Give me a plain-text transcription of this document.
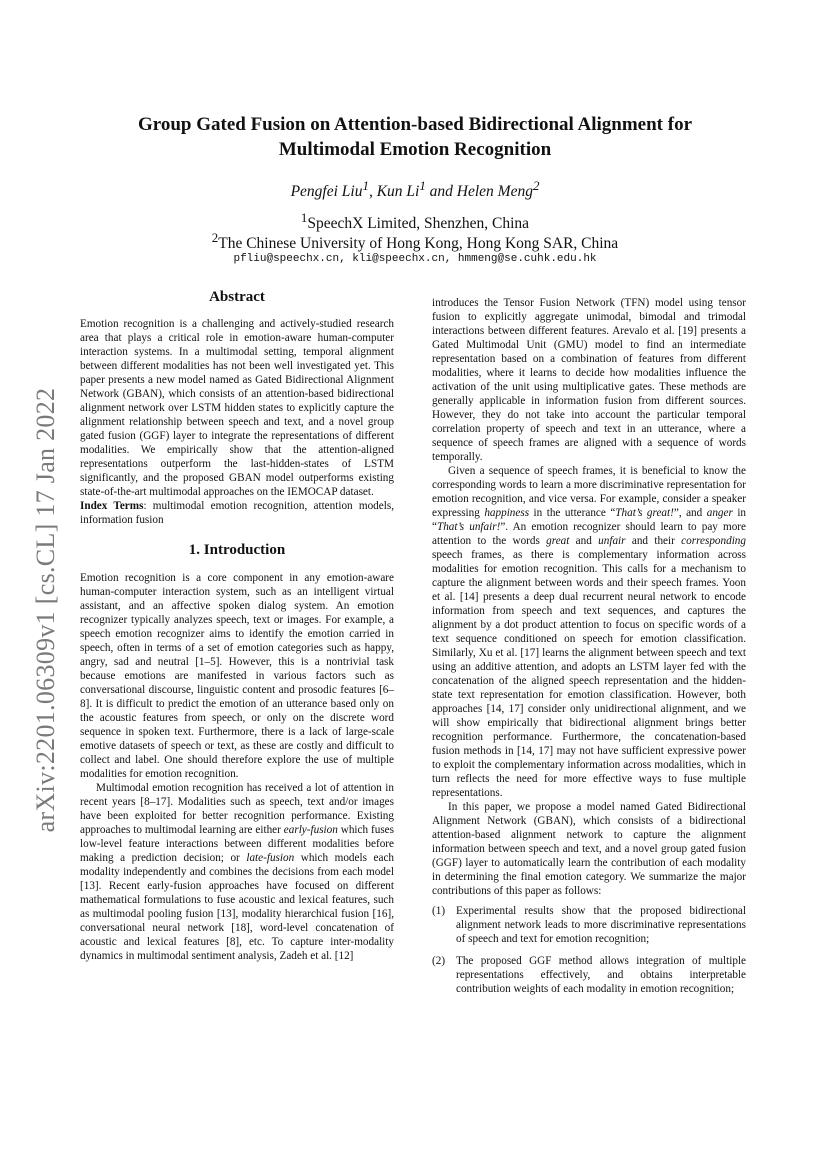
arXiv:2201.06309v1 [cs.CL] 17 Jan 2022
Group Gated Fusion on Attention-based Bidirectional Alignment for
Multimodal Emotion Recognition
Pengfei Liu$^1$, Kun Li$^1$ and Helen Meng$^2$
$^1$SpeechX Limited, Shenzhen, China
$^2$The Chinese University of Hong Kong, Hong Kong SAR, China
pfliu@speechx.cn, kli@speechx.cn, hmmeng@se.cuhk.edu.hk
Abstract

Emotion recognition is a challenging and actively-studied research area that plays a critical role in emotion-aware human-computer interaction systems. In a multimodal setting, temporal alignment between different modalities has not been well investigated yet. This paper presents a new model named as Gated Bidirectional Alignment Network (GBAN), which consists of an attention-based bidirectional alignment network over LSTM hidden states to explicitly capture the alignment relationship between speech and text, and a novel group gated fusion (GGF) layer to integrate the representations of different modalities. We empirically show that the attention-aligned representations outperform the last-hidden-states of LSTM significantly, and the proposed GBAN model outperforms existing state-of-the-art multimodal approaches on the IEMOCAP dataset.

Index Terms: multimodal emotion recognition, attention models, information fusion

1. Introduction

Emotion recognition is a core component in any emotion-aware human-computer interaction system, such as an intelligent virtual assistant, and an affective spoken dialog system. An emotion recognizer typically analyzes speech, text or images. For example, a speech emotion recognizer aims to identify the emotion carried in speech, often in terms of a set of emotion categories such as happy, angry, sad and neutral [1–5]. However, this is a nontrivial task because emotions are manifested in various factors such as conversational discourse, linguistic content and prosodic features [6–8]. It is difficult to predict the emotion of an utterance based only on the acoustic features from speech, or only on the discrete word sequence in spoken text. Furthermore, there is a lack of large-scale emotive datasets of speech or text, as these are costly and difficult to collect and label. One should therefore explore the use of multiple modalities for emotion recognition.

Multimodal emotion recognition has received a lot of attention in recent years [8–17]. Modalities such as speech, text and/or images have been exploited for better recognition performance. Existing approaches to multimodal learning are either early-fusion which fuses low-level feature interactions between different modalities before making a prediction decision; or late-fusion which models each modality independently and combines the decisions from each model [13]. Recent early-fusion approaches have focused on different mathematical formulations to fuse acoustic and lexical features, such as multimodal pooling fusion [13], modality hierarchical fusion [16], conversational neural network [18], word-level concatenation of acoustic and lexical features [8], etc. To capture inter-modality dynamics in multimodal sentiment analysis, Zadeh et al. [12]

introduces the Tensor Fusion Network (TFN) model using tensor fusion to explicitly aggregate unimodal, bimodal and trimodal interactions between different features. Arevalo et al. [19] presents a Gated Multimodal Unit (GMU) model to find an intermediate representation based on a combination of features from different modalities, where it learns to decide how modalities influence the activation of the unit using multiplicative gates. These methods are generally applicable in information fusion from different sources. However, they do not take into account the particular temporal correlation property of speech and text in an utterance, where a sequence of speech frames are aligned with a sequence of words temporally.

Given a sequence of speech frames, it is beneficial to know the corresponding words to learn a more discriminative representation for emotion recognition, and vice versa. For example, consider a speaker expressing happiness in the utterance “That’s great!”, and anger in “That’s unfair!”. An emotion recognizer should learn to pay more attention to the words great and unfair and their corresponding speech frames, as there is complementary information across modalities for emotion recognition. This calls for a mechanism to capture the alignment between words and their speech frames. Yoon et al. [14] presents a deep dual recurrent neural network to encode information from speech and text sequences, and captures the alignment by a dot product attention to focus on specific words of a text sequence conditioned on speech for emotion classification. Similarly, Xu et al. [17] learns the alignment between speech and text using an additive attention, and adopts an LSTM layer fed with the concatenation of the aligned speech representation and the hidden-state text representation for emotion classification. However, both approaches [14, 17] consider only unidirectional alignment, and we will show empirically that bidirectional alignment brings better recognition performance. Furthermore, the concatenation-based fusion methods in [14, 17] may not have sufficient expressive power to exploit the complementary information across modalities, which in turn reflects the need for more effective ways to fuse multiple representations.

In this paper, we propose a model named Gated Bidirectional Alignment Network (GBAN), which consists of a bidirectional attention-based alignment network to capture the alignment information between speech and text, and a novel group gated fusion (GGF) layer to automatically learn the contribution of each modality in determining the final emotion category. We summarize the major contributions of this paper as follows:

(1) Experimental results show that the proposed bidirectional alignment network leads to more discriminative representations of speech and text for emotion recognition;
(2) The proposed GGF method allows integration of multiple representations effectively, and obtains interpretable contribution weights of each modality in emotion recognition;
